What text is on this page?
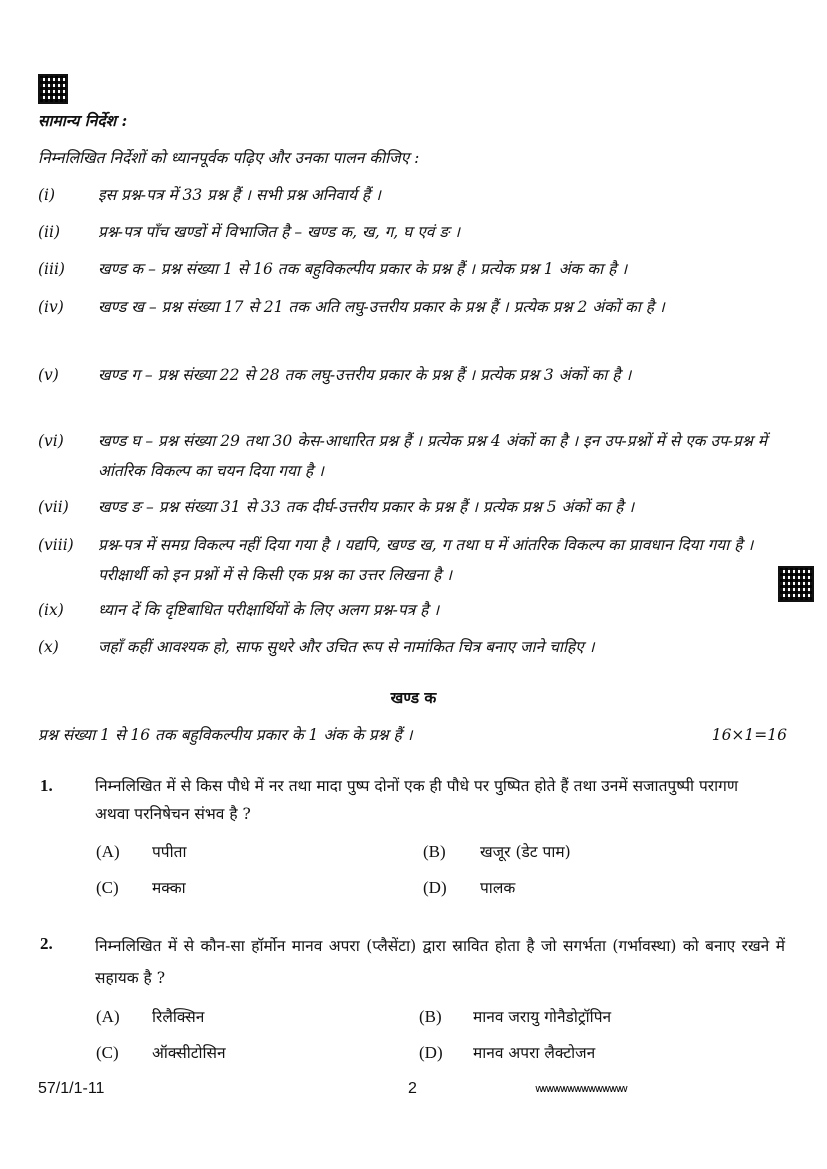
सामान्य निर्देश :
निम्नलिखित निर्देशों को ध्यानपूर्वक पढ़िए और उनका पालन कीजिए :
(i)	इस प्रश्न-पत्र में 33 प्रश्न हैं । सभी प्रश्न अनिवार्य हैं ।
(ii) प्रश्न-पत्र पाँच खण्डों में विभाजित है – खण्ड क, ख, ग, घ एवं ङ ।
(iii) खण्ड क – प्रश्न संख्या 1 से 16 तक बहुविकल्पीय प्रकार के प्रश्न हैं । प्रत्येक प्रश्न 1 अंक का है ।
(iv) खण्ड ख – प्रश्न संख्या 17 से 21 तक अति लघु-उत्तरीय प्रकार के प्रश्न हैं । प्रत्येक प्रश्न 2 अंकों का है ।
(v)	खण्ड ग – प्रश्न संख्या 22 से 28 तक लघु-उत्तरीय प्रकार के प्रश्न हैं । प्रत्येक प्रश्न 3 अंकों का है ।
(vi) खण्ड घ – प्रश्न संख्या 29 तथा 30 केस-आधारित प्रश्न हैं । प्रत्येक प्रश्न 4 अंकों का है । इन उप-प्रश्नों में से एक उप-प्रश्न में आंतरिक विकल्प का चयन दिया गया है ।
(vii) खण्ड ङ – प्रश्न संख्या 31 से 33 तक दीर्घ-उत्तरीय प्रकार के प्रश्न हैं । प्रत्येक प्रश्न 5 अंकों का है ।
(viii) प्रश्न-पत्र में समग्र विकल्प नहीं दिया गया है । यद्यपि, खण्ड ख, ग तथा घ में आंतरिक विकल्प का प्रावधान दिया गया है । परीक्षार्थी को इन प्रश्नों में से किसी एक प्रश्न का उत्तर लिखना है ।
(ix) ध्यान दें कि दृष्टिबाधित परीक्षार्थियों के लिए अलग प्रश्न-पत्र है ।
(x)	जहाँ कहीं आवश्यक हो, साफ सुथरे और उचित रूप से नामांकित चित्र बनाए जाने चाहिए ।
खण्ड क
प्रश्न संख्या 1 से 16 तक बहुविकल्पीय प्रकार के 1 अंक के प्रश्न हैं ।	16×1=16
1.	निम्नलिखित में से किस पौधे में नर तथा मादा पुष्प दोनों एक ही पौधे पर पुष्पित होते हैं तथा उनमें सजातपुष्पी परागण अथवा परनिषेचन संभव है ?
(A) पपीता	(B) खजूर (डेट पाम)
(C) मक्का	(D) पालक
2.	निम्नलिखित में से कौन-सा हॉर्मोन मानव अपरा (प्लैसेंटा) द्वारा स्रावित होता है जो सगर्भता (गर्भावस्था) को बनाए रखने में सहायक है ?
(A) रिलैक्सिन	(B) मानव जरायु गोनैडोट्रॉपिन
(C) ऑक्सीटोसिन	(D) मानव अपरा लैक्टोजन
57/1/1-11	2	wwwwwwwwwwwww
